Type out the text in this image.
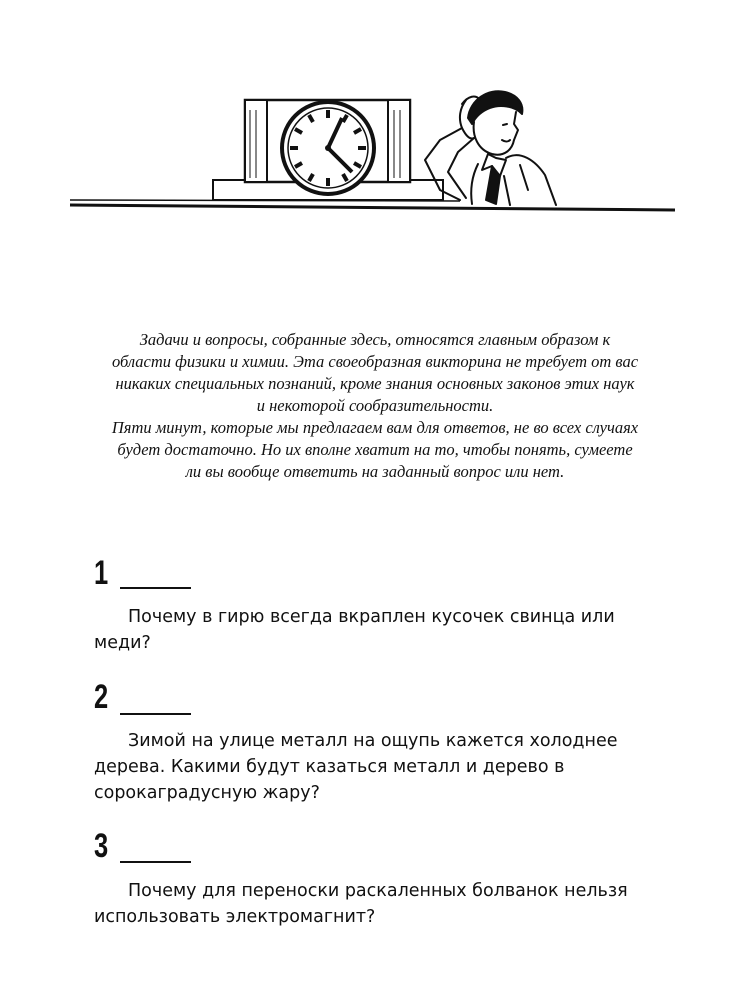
Задачи и вопросы, собранные здесь, относятся главным образом к области физики и химии. Эта своеобразная викторина не требует от вас никаких специальных познаний, кроме знания основных законов этих наук и некоторой сообразительности.

Пяти минут, которые мы предлагаем вам для ответов, не во всех случаях будет достаточно. Но их вполне хватит на то, чтобы понять, сумеете ли вы вообще ответить на заданный вопрос или нет.

1

Почему в гирю всегда вкраплен кусочек свинца или меди?

2

Зимой на улице металл на ощупь кажется холоднее дерева. Какими будут казаться металл и дерево в сорокаградусную жару?

3

Почему для переноски раскаленных болванок нельзя использовать электромагнит?
